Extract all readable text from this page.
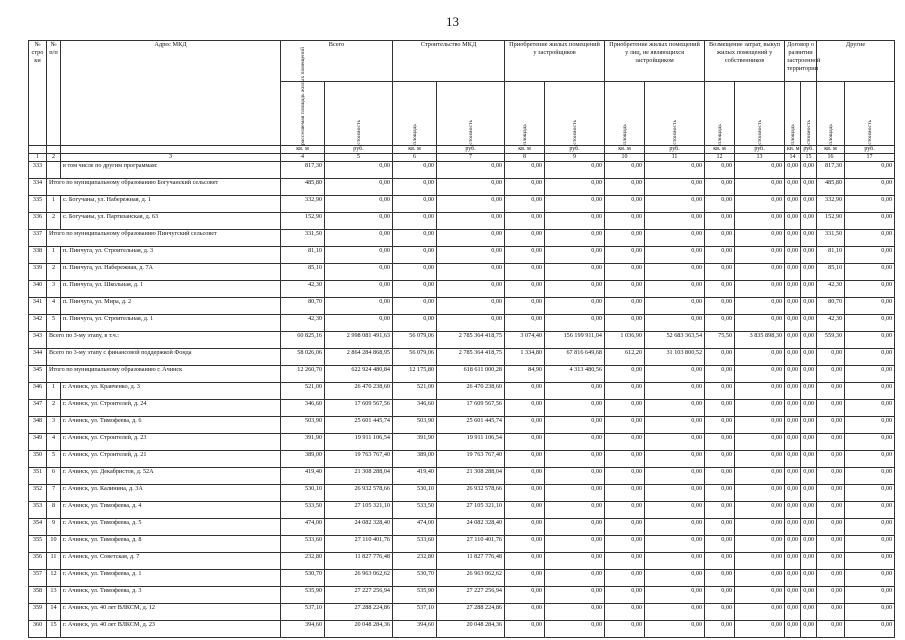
13
№ стро ки	№ п/п	Адрес МКД	Всего		Строительство МКД		Приобретение жилых помещений у застройщиков		Приобретение жилых помещений у лиц, не являющихся застройщиком		Возмещение затрат, выкуп жилых помещений у собственников		Договор о развитии застроенной территории		Другие	

			расселяемая площадь жилых помещений	стоимость	площадь	стоимость	площадь	стоимость	площадь	стоимость	площадь	стоимость	площадь	стоимость	площадь	стоимость

			кв. м	руб.	кв. м	руб.	кв. м	руб.	кв. м	руб.	кв. м	руб.	кв. м	руб.	кв. м	руб.
1	2	3	4	5	6	7	8	9	10	11	12	13	14	15	16	17
333		в том числе по другим программам:	817,30	0,00	0,00	0,00	0,00	0,00	0,00	0,00	0,00	0,00	0,00	0,00	817,30	0,00
334	Итого по муниципальному образованию Богучанский сельсовет		485,80	0,00	0,00	0,00	0,00	0,00	0,00	0,00	0,00	0,00	0,00	0,00	485,80	0,00
335	1	с. Богучаны, ул. Набережная, д. 1	332,90	0,00	0,00	0,00	0,00	0,00	0,00	0,00	0,00	0,00	0,00	0,00	332,90	0,00
336	2	с. Богучаны, ул. Партизанская, д. 63	152,90	0,00	0,00	0,00	0,00	0,00	0,00	0,00	0,00	0,00	0,00	0,00	152,90	0,00
337	Итого по муниципальному образованию Пинчугский сельсовет		331,50	0,00	0,00	0,00	0,00	0,00	0,00	0,00	0,00	0,00	0,00	0,00	331,50	0,00
338	1	п. Пинчуга, ул. Строительная, д. 3	81,10	0,00	0,00	0,00	0,00	0,00	0,00	0,00	0,00	0,00	0,00	0,00	81,10	0,00
339	2	п. Пинчуга, ул. Набережная, д. 7А	85,10	0,00	0,00	0,00	0,00	0,00	0,00	0,00	0,00	0,00	0,00	0,00	85,10	0,00
340	3	п. Пинчуга, ул. Школьная, д. 1	42,30	0,00	0,00	0,00	0,00	0,00	0,00	0,00	0,00	0,00	0,00	0,00	42,30	0,00
341	4	п. Пинчуга, ул. Мира, д. 2	80,70	0,00	0,00	0,00	0,00	0,00	0,00	0,00	0,00	0,00	0,00	0,00	80,70	0,00
342	5	п. Пинчуга, ул. Строительная, д. 1	42,30	0,00	0,00	0,00	0,00	0,00	0,00	0,00	0,00	0,00	0,00	0,00	42,30	0,00
343	Всего по 3-му этапу, в т.ч.:		60 825,16	2 998 081 491,63	56 079,06	2 785 364 418,75	3 074,40	156 199 911,04	1 036,90	52 683 363,54	75,50	3 835 898,30	0,00	0,00	559,30	0,00
344	Всего по 3-му этапу с финансовой поддержкой Фонда		58 026,06	2 864 284 868,95	56 079,06	2 785 364 418,75	1 334,80	67 816 649,68	612,20	31 103 800,52	0,00	0,00	0,00	0,00	0,00	0,00
345	Итого по муниципальному образованию г. Ачинск		12 260,70	622 924 480,84	12 175,80	618 611 000,28	84,90	4 313 480,56	0,00	0,00	0,00	0,00	0,00	0,00	0,00	0,00
346	1	г. Ачинск, ул. Кравченко, д. 3	521,00	26 470 238,60	521,00	26 470 238,60	0,00	0,00	0,00	0,00	0,00	0,00	0,00	0,00	0,00	0,00
347	2	г. Ачинск, ул. Строителей, д. 24	346,60	17 609 567,56	346,60	17 609 567,56	0,00	0,00	0,00	0,00	0,00	0,00	0,00	0,00	0,00	0,00
348	3	г. Ачинск, ул. Тимофеева, д. 6	503,90	25 601 445,74	503,90	25 601 445,74	0,00	0,00	0,00	0,00	0,00	0,00	0,00	0,00	0,00	0,00
349	4	г. Ачинск, ул. Строителей, д. 23	391,90	19 911 106,54	391,90	19 911 106,54	0,00	0,00	0,00	0,00	0,00	0,00	0,00	0,00	0,00	0,00
350	5	г. Ачинск, ул. Строителей, д. 21	389,00	19 763 767,40	389,00	19 763 767,40	0,00	0,00	0,00	0,00	0,00	0,00	0,00	0,00	0,00	0,00
351	6	г. Ачинск, ул. Декабристов, д. 52А	419,40	21 308 288,04	419,40	21 308 288,04	0,00	0,00	0,00	0,00	0,00	0,00	0,00	0,00	0,00	0,00
352	7	г. Ачинск, ул. Калинина, д. 3А	530,10	26 932 578,66	530,10	26 932 578,66	0,00	0,00	0,00	0,00	0,00	0,00	0,00	0,00	0,00	0,00
353	8	г. Ачинск, ул. Тимофеева, д. 4	533,50	27 105 321,10	533,50	27 105 321,10	0,00	0,00	0,00	0,00	0,00	0,00	0,00	0,00	0,00	0,00
354	9	г. Ачинск, ул. Тимофеева, д. 5	474,00	24 082 328,40	474,00	24 082 328,40	0,00	0,00	0,00	0,00	0,00	0,00	0,00	0,00	0,00	0,00
355	10	г. Ачинск, ул. Тимофеева, д. 8	533,60	27 110 401,76	533,60	27 110 401,76	0,00	0,00	0,00	0,00	0,00	0,00	0,00	0,00	0,00	0,00
356	11	г. Ачинск, ул. Советская, д. 7	232,80	11 827 776,48	232,80	11 827 776,48	0,00	0,00	0,00	0,00	0,00	0,00	0,00	0,00	0,00	0,00
357	12	г. Ачинск, ул. Тимофеева, д. 1	530,70	26 963 062,62	530,70	26 963 062,62	0,00	0,00	0,00	0,00	0,00	0,00	0,00	0,00	0,00	0,00
358	13	г. Ачинск, ул. Тимофеева, д. 3	535,90	27 227 256,94	535,90	27 227 256,94	0,00	0,00	0,00	0,00	0,00	0,00	0,00	0,00	0,00	0,00
359	14	г. Ачинск, ул. 40 лет ВЛКСМ, д. 12	537,10	27 288 224,86	537,10	27 288 224,86	0,00	0,00	0,00	0,00	0,00	0,00	0,00	0,00	0,00	0,00
360	15	г. Ачинск, ул. 40 лет ВЛКСМ, д. 23	394,60	20 048 284,36	394,60	20 048 284,36	0,00	0,00	0,00	0,00	0,00	0,00	0,00	0,00	0,00	0,00
